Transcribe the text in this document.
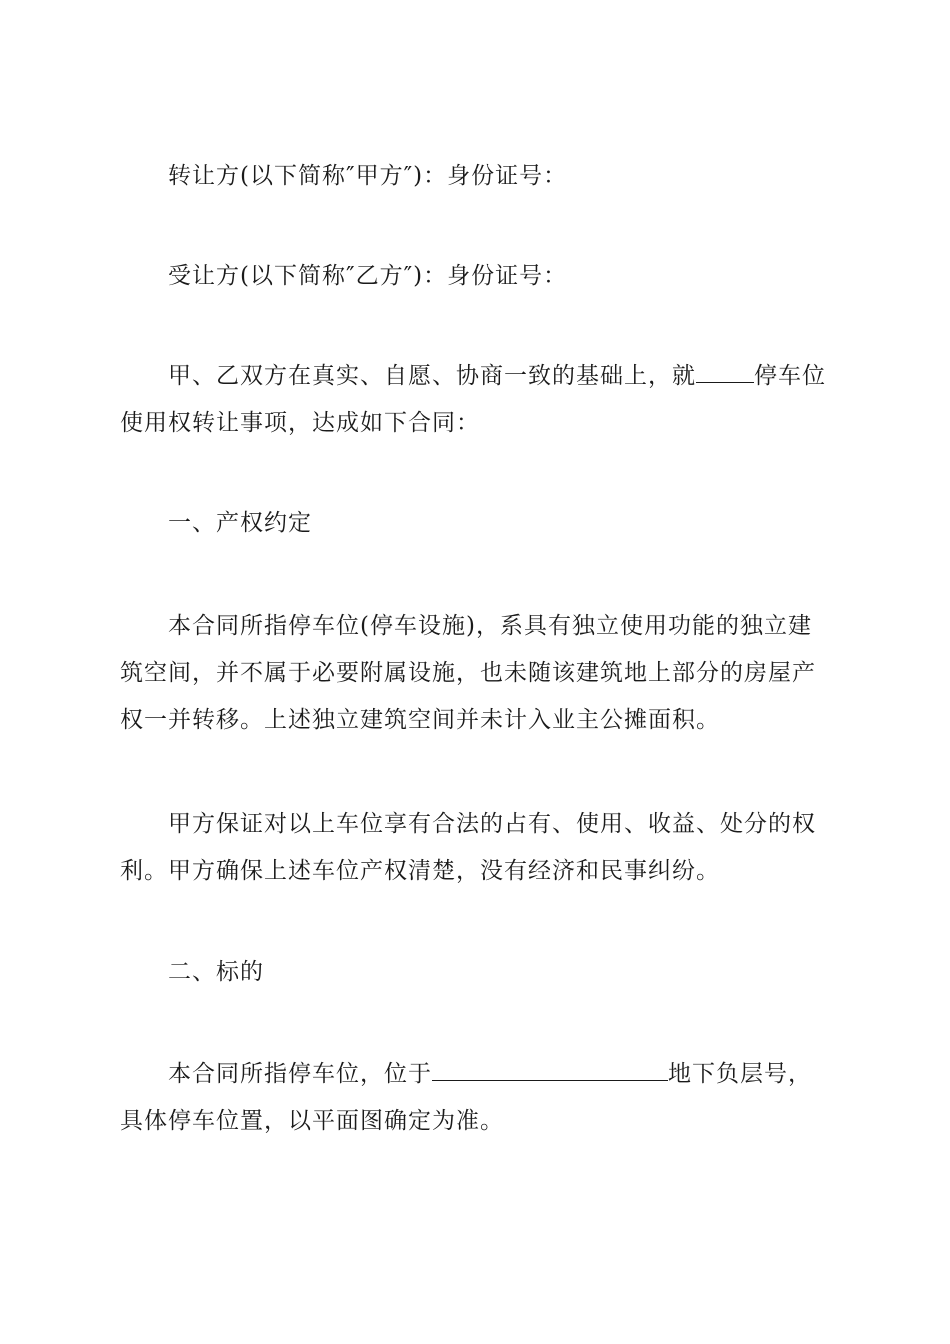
转让方(以下简称″甲方″)：身份证号：
受让方(以下简称″乙方″)：身份证号：
甲、乙双方在真实、自愿、协商一致的基础上，就	停车位使用权转让事项，达成如下合同：
一、产权约定
本合同所指停车位(停车设施)，系具有独立使用功能的独立建筑空间，并不属于必要附属设施，也未随该建筑地上部分的房屋产权一并转移。上述独立建筑空间并未计入业主公摊面积。
甲方保证对以上车位享有合法的占有、使用、收益、处分的权利。甲方确保上述车位产权清楚，没有经济和民事纠纷。
二、标的
本合同所指停车位，位于	地下负层号，具体停车位置，以平面图确定为准。
